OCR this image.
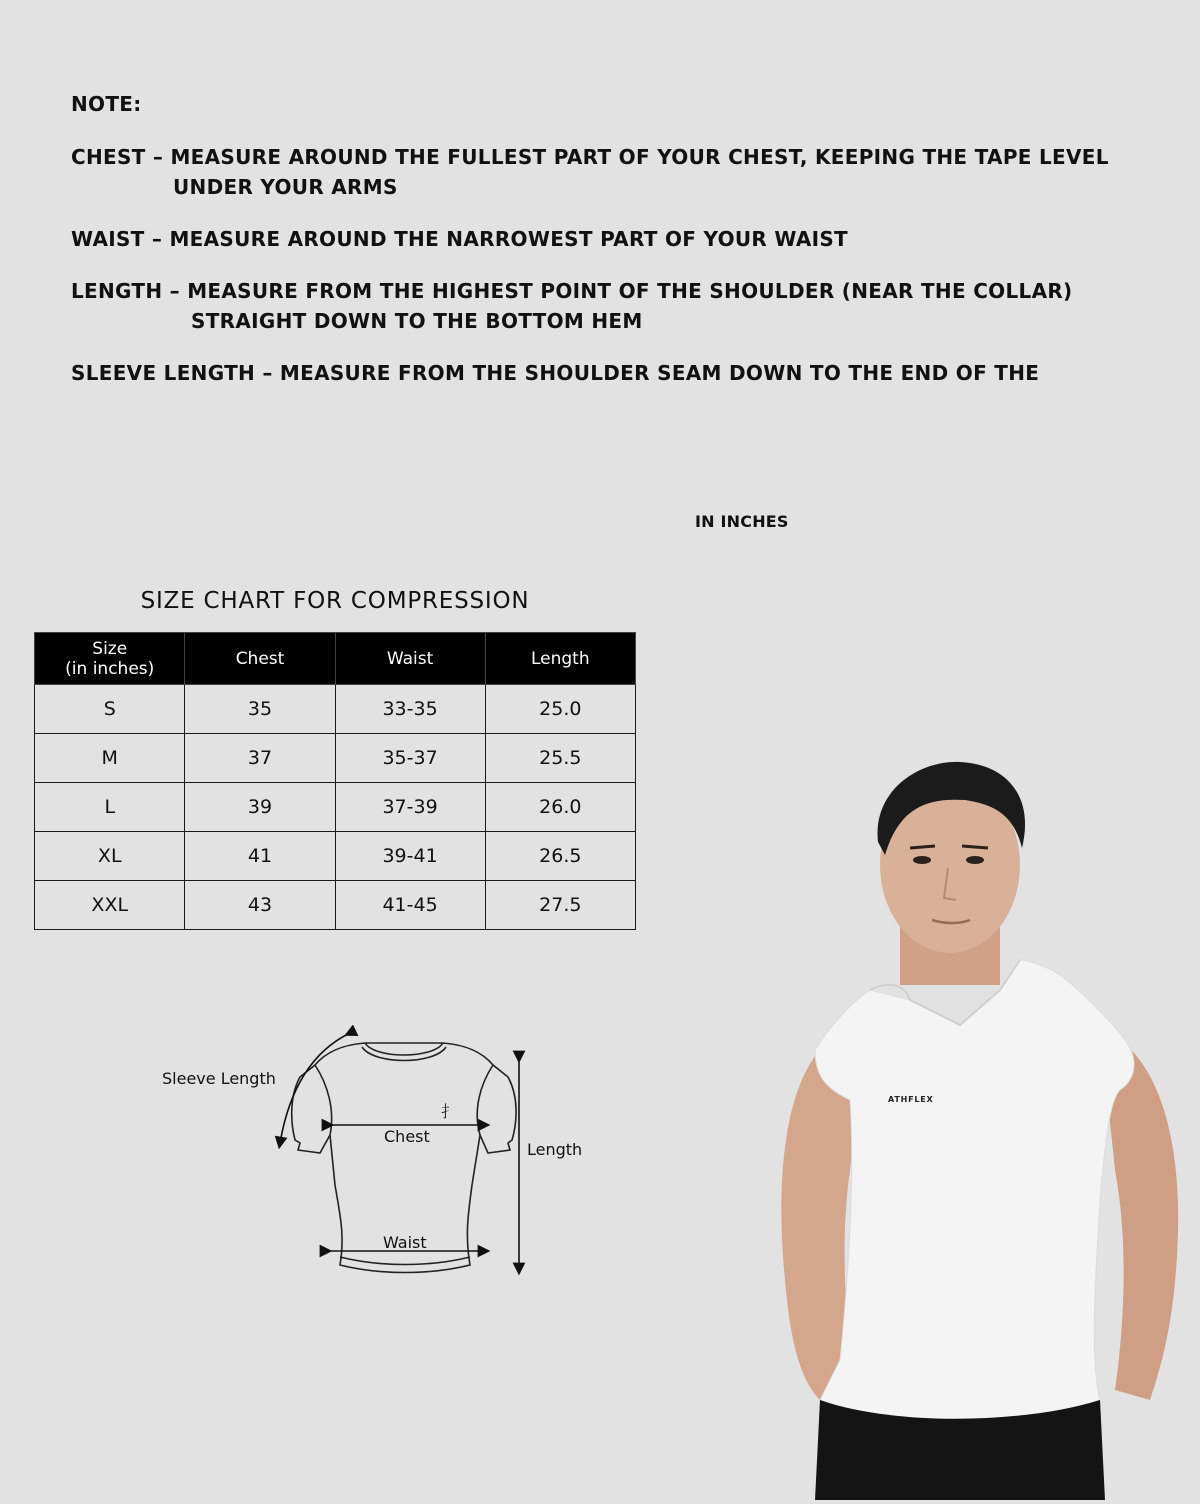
NOTE:
CHEST – MEASURE AROUND THE FULLEST PART OF YOUR CHEST, KEEPING THE TAPE LEVEL
UNDER YOUR ARMS
WAIST – MEASURE AROUND THE NARROWEST PART OF YOUR WAIST
LENGTH – MEASURE FROM THE HIGHEST POINT OF THE SHOULDER (NEAR THE COLLAR)
STRAIGHT DOWN TO THE BOTTOM HEM
SLEEVE LENGTH – MEASURE FROM THE SHOULDER SEAM DOWN TO THE END OF THE
IN INCHES
SIZE CHART FOR COMPRESSION
Size
(in inches)	Chest	Waist	Length
S	35	33-35	25.0
M	37	35-37	25.5
L	39	37-39	26.0
XL	41	39-41	26.5
XXL	43	41-45	27.5
⺘
Chest
Waist
Length
Sleeve Length
ATHFLEX
